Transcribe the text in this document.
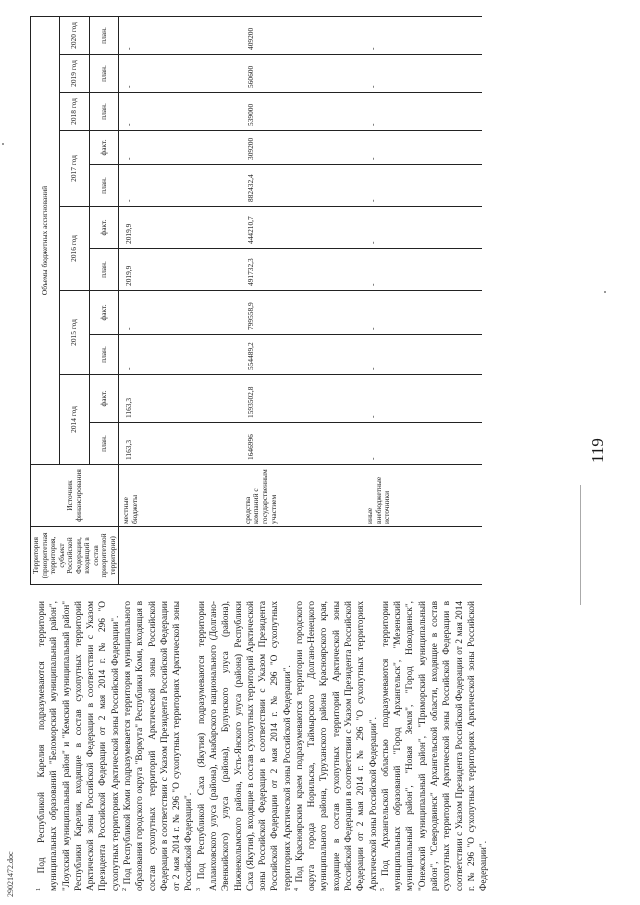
29021472.doc
119

$^1$ Под Республикой Карелия подразумеваются территории муниципальных образований "Беломорский муниципальный район", "Лоухский муниципальный район" и "Кемский муниципальный район" Республики Карелия, входящие в состав сухопутных территорий Арктической зоны Российской Федерации в соответствии с Указом Президента Российской Федерации от 2 мая 2014 г. № 296 "О сухопутных территориях Арктической зоны Российской Федерации". $^2$ Под Республикой Коми подразумевается территория муниципального образования городского округа "Воркута" Республики Коми, входящая в состав сухопутных территорий Арктической зоны Российской Федерации в соответствии с Указом Президента Российской Федерации от 2 мая 2014 г. № 296 "О сухопутных территориях Арктической зоны Российской Федерации". $^3$ Под Республикой Саха (Якутия) подразумеваются территории Аллаиховского улуса (района), Анабарского национального (Долгано-Эвенкийского) улуса (района), Булунского улуса (района), Нижнеколымского района, Усть-Янского улуса (района) Республики Саха (Якутия), входящие в состав сухопутных территорий Арктической зоны Российской Федерации в соответствии с Указом Президента Российской Федерации от 2 мая 2014 г. № 296 "О сухопутных территориях Арктической зоны Российской Федерации". $^4$ Под Красноярским краем подразумеваются территории городского округа города Норильска, Таймырского Долгано-Ненецкого муниципального района, Туруханского района Красноярского края, входящие в состав сухопутных территорий Арктической зоны Российской Федерации в соответствии с Указом Президента Российской Федерации от 2 мая 2014 г. № 296 "О сухопутных территориях Арктической зоны Российской Федерации". $^5$ Под Архангельской областью подразумеваются территории муниципальных образований "Город Архангельск", "Мезенский муниципальный район", "Новая Земля", "Город Новодвинск", "Онежский муниципальный район", "Приморский муниципальный район", "Северодвинск" Архангельской области, входящие в состав сухопутных территорий Арктической зоны Российской Федерации в соответствии с Указом Президента Российской Федерации от 2 мая 2014 г. № 296 "О сухопутных территориях Арктической зоны Российской Федерации".

Территория (приоритетная территория, субъект Российской Федерации, входящий в состав приоритетной территории)	Источник финансирования	Объемы бюджетных ассигнований										
		2014 год		2015 год		2016 год		2017 год		2018 год	2019 год	2020 год
		план.	факт.	план.	факт.	план.	факт.	план.	факт.	план.	план.	план.
	местные бюджеты	1163,3	1163,3	-	-	2019,9	2019,9	-	-	-	-	-
	средства компаний с государственным участием	1646996	1593502,8	554489,2	799558,9	491732,3	444210,7	882432,4	309200	539000	560600	409200
	иные внебюджетные источники	-	-	-	-	-	-	-	-	-	-	-
